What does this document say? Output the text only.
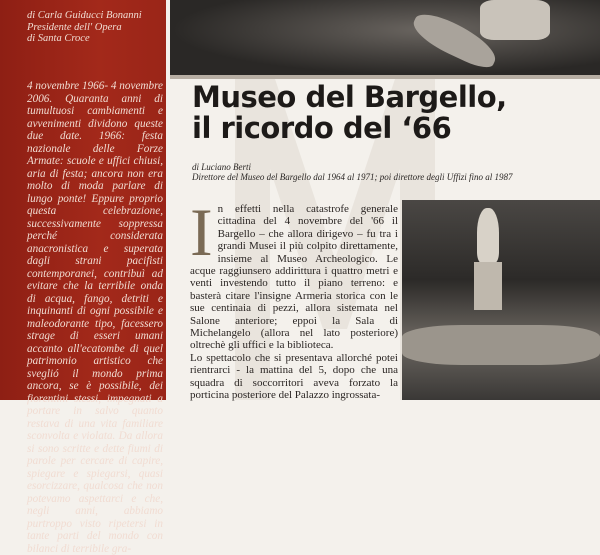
di Carla Guiducci Bonanni
Presidente dell' Opera
di Santa Croce
4 novembre 1966- 4 novembre 2006. Quaranta anni di tumultuosi cambiamenti e avvenimenti dividono queste due date. 1966: festa nazionale delle Forze Armate: scuole e uffici chiusi, aria di festa; ancora non era molto di moda parlare di lungo ponte! Eppure proprio questa celebrazione, successivamente soppressa perché considerata anacronistica e superata dagli strani pacifisti contemporanei, contribuì ad evitare che la terribile onda di acqua, fango, detriti e inquinanti di ogni possibile e maleodorante tipo, facessero strage di esseri umani accanto all'ecatombe di quel patrimonio artistico che sveglió il mondo prima ancora, se è possibile, dei fiorentini stessi, impegnati a portare in salvo quanto restava di una vita familiare sconvolta e violata. Da allora si sono scritte e dette fiumi di parole per cercare di capire, spiegare e spiegarsi, quasi esorcizzare, qualcosa che non potevamo aspettarci e che, negli anni, abbiamo purtroppo visto ripetersi in tante parti del mondo con bilanci di terribile gra-
Museo del Bargello,
il ricordo del ‘66
di Luciano Berti
Direttore del Museo del Bargello dal 1964 al 1971; poi direttore degli Uffizi fino al 1987

In effetti nella catastrofe generale cittadina del 4 novembre del '66 il Bargello – che allora dirigevo – fu tra i grandi Musei il più colpito direttamente, insieme al Museo Archeologico. Le acque raggiunsero addirittura i quattro metri e venti investendo tutto il piano terreno: e basterà citare l'insigne Armeria storica con le sue centinaia di pezzi, allora sistemata nel Salone anteriore; eppoi la Sala di Michelangelo (allora nel lato posteriore) oltrechè gli uffici e la biblioteca.

Lo spettacolo che si presentava allorché potei rientrarci - la mattina del 5, dopo che una squadra di soccorritori aveva forzato la porticina posteriore del Palazzo ingrossata-
